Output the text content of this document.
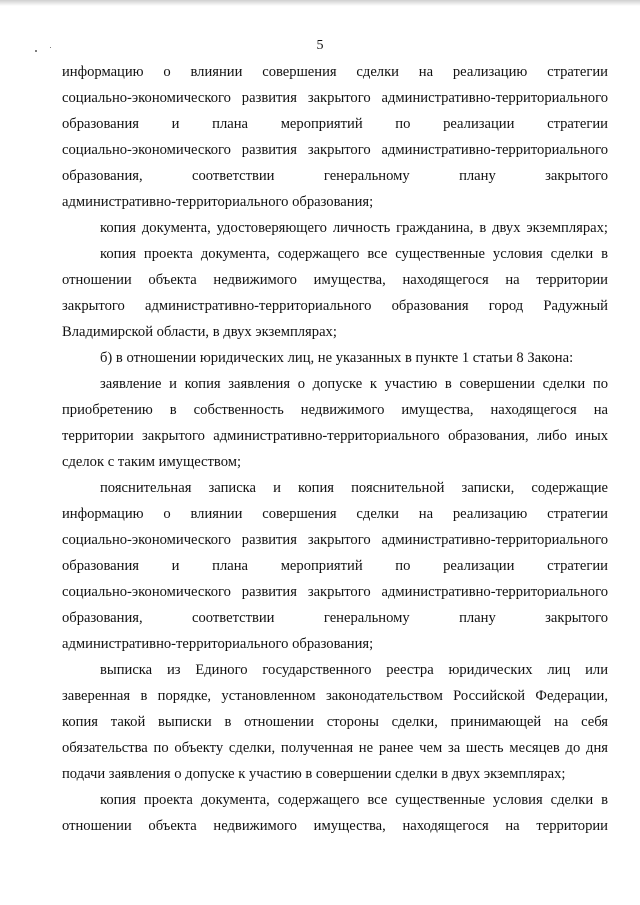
5
информацию о влиянии совершения сделки на реализацию стратегии
социально-экономического развития закрытого административно-территориального
образования и плана мероприятий по реализации стратегии
социально-экономического развития закрытого административно-территориального
образования, соответствии генеральному плану закрытого
административно-территориального образования;
копия документа, удостоверяющего личность гражданина, в двух экземплярах;
копия проекта документа, содержащего все существенные условия сделки в
отношении объекта недвижимого имущества, находящегося на территории
закрытого административно-территориального образования город Радужный
Владимирской области, в двух экземплярах;
б) в отношении юридических лиц, не указанных в пункте 1 статьи 8 Закона:
заявление и копия заявления о допуске к участию в совершении сделки по
приобретению в собственность недвижимого имущества, находящегося на
территории закрытого административно-территориального образования, либо иных
сделок с таким имуществом;
пояснительная записка и копия пояснительной записки, содержащие
информацию о влиянии совершения сделки на реализацию стратегии
социально-экономического развития закрытого административно-территориального
образования и плана мероприятий по реализации стратегии
социально-экономического развития закрытого административно-территориального
образования, соответствии генеральному плану закрытого
административно-территориального образования;
выписка из Единого государственного реестра юридических лиц или
заверенная в порядке, установленном законодательством Российской Федерации,
копия такой выписки в отношении стороны сделки, принимающей на себя
обязательства по объекту сделки, полученная не ранее чем за шесть месяцев до дня
подачи заявления о допуске к участию в совершении сделки в двух экземплярах;
копия проекта документа, содержащего все существенные условия сделки в
отношении объекта недвижимого имущества, находящегося на территории
